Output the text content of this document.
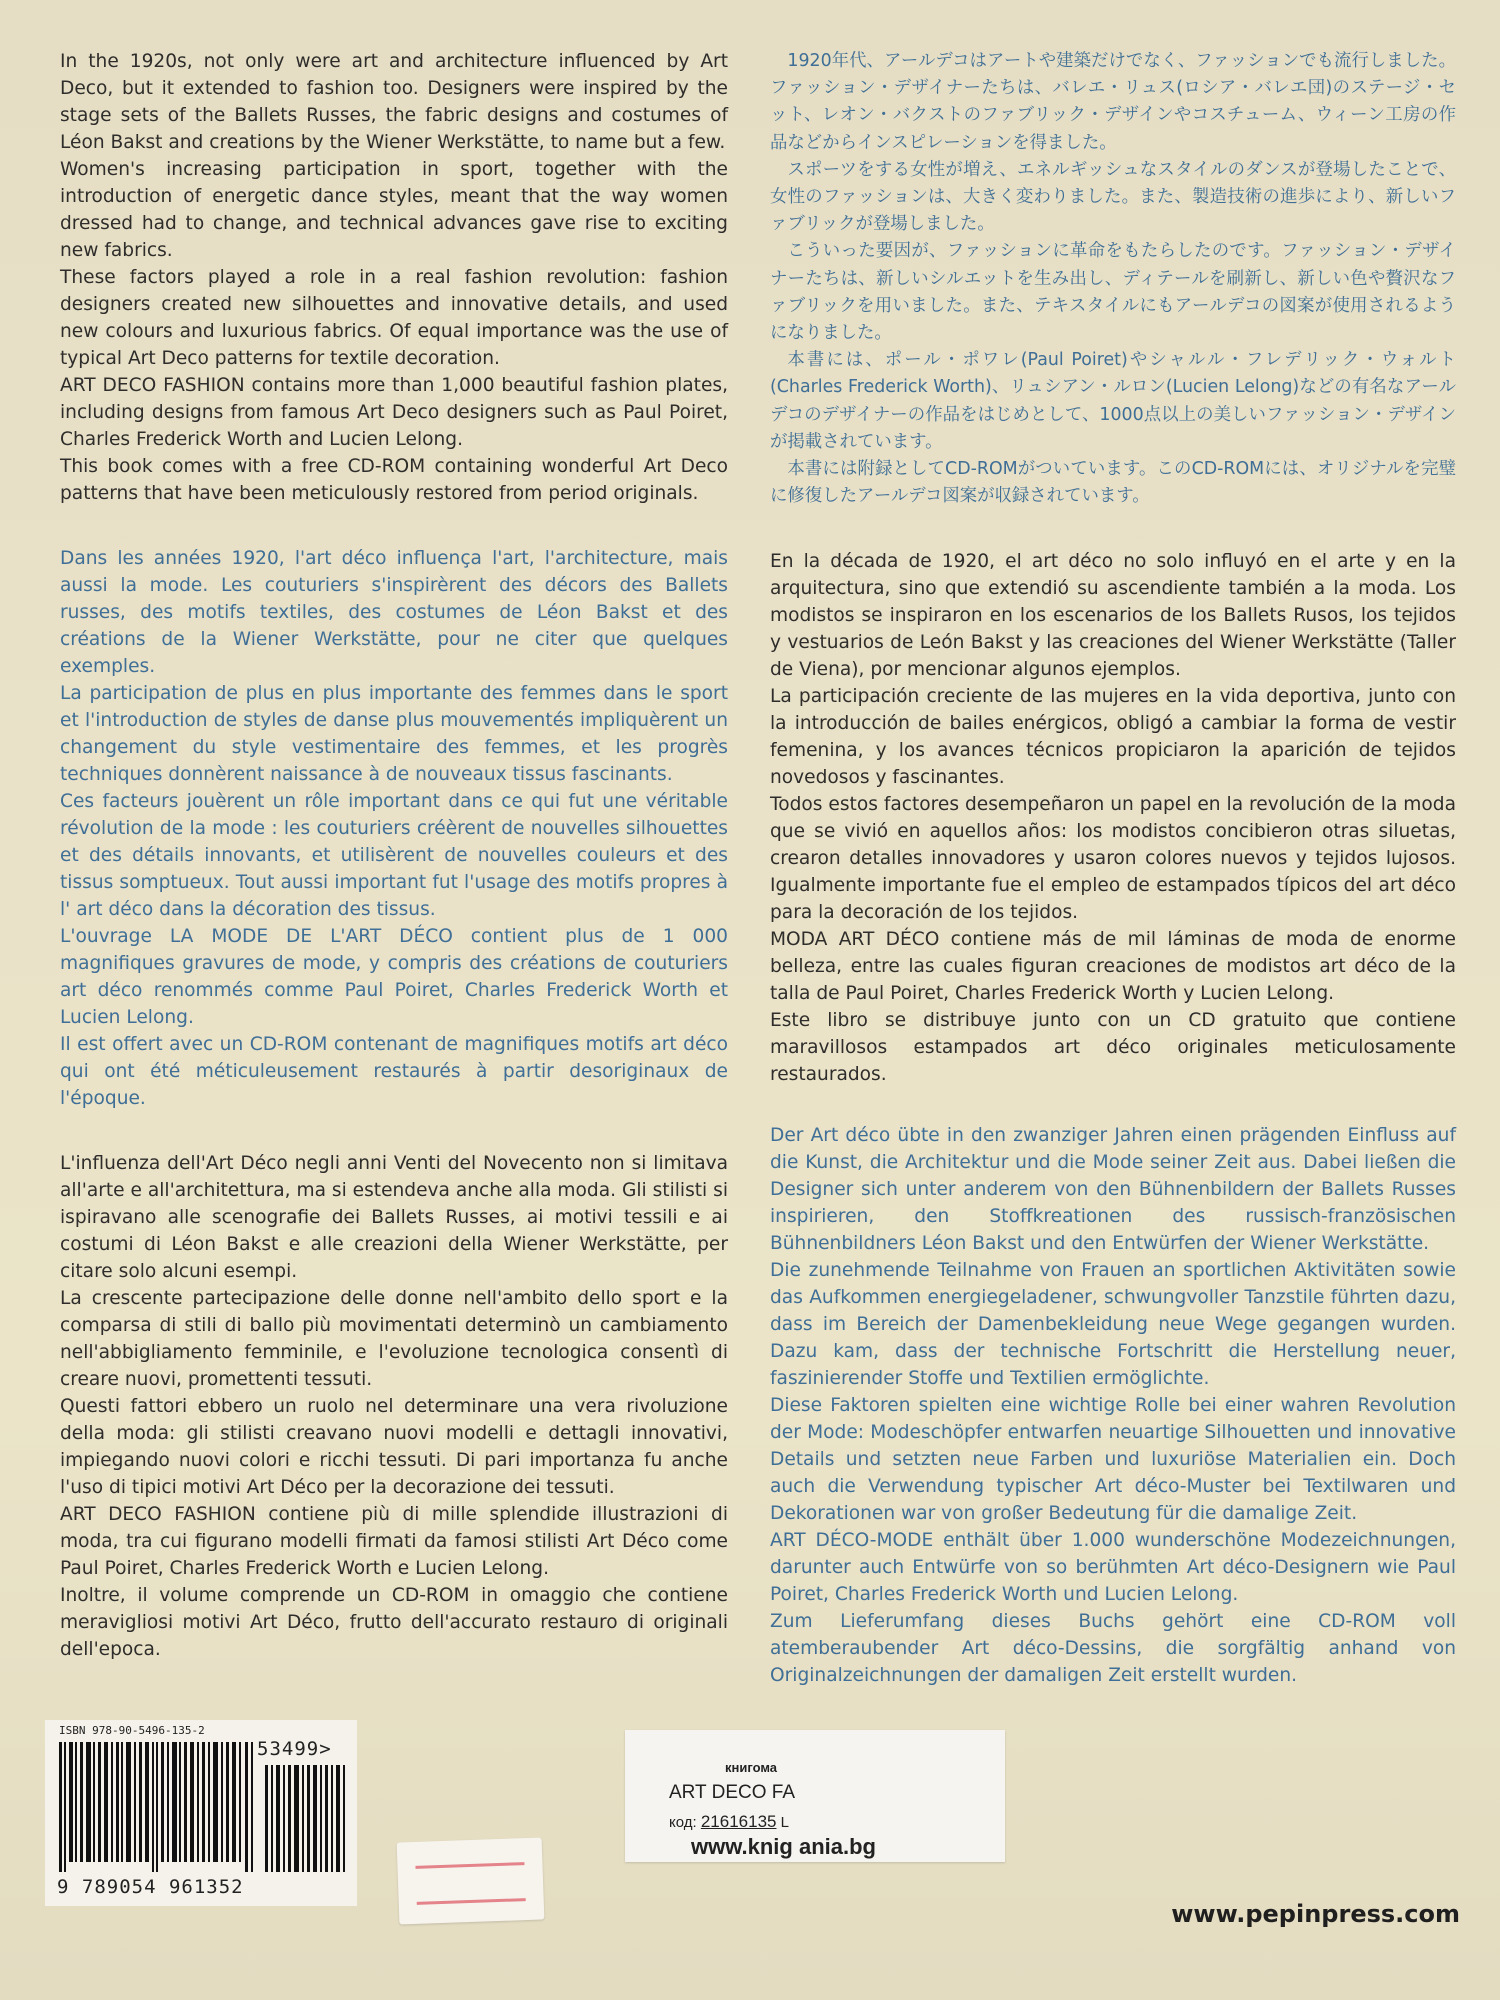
In the 1920s, not only were art and architecture influenced by Art Deco, but it extended to fashion too. Designers were inspired by the stage sets of the Ballets Russes, the fabric designs and costumes of Léon Bakst and creations by the Wiener Werkstätte, to name but a few.

Women's increasing participation in sport, together with the introduction of energetic dance styles, meant that the way women dressed had to change, and technical advances gave rise to exciting new fabrics.

These factors played a role in a real fashion revolution: fashion designers created new silhouettes and innovative details, and used new colours and luxurious fabrics. Of equal importance was the use of typical Art Deco patterns for textile decoration.

ART DECO FASHION contains more than 1,000 beautiful fashion plates, including designs from famous Art Deco designers such as Paul Poiret, Charles Frederick Worth and Lucien Lelong.

This book comes with a free CD-ROM containing wonderful Art Deco patterns that have been meticulously restored from period originals.

Dans les années 1920, l'art déco influença l'art, l'architecture, mais aussi la mode. Les couturiers s'inspirèrent des décors des Ballets russes, des motifs textiles, des costumes de Léon Bakst et des créations de la Wiener Werkstätte, pour ne citer que quelques exemples.

La participation de plus en plus importante des femmes dans le sport et l'introduction de styles de danse plus mouvementés impliquèrent un changement du style vestimentaire des femmes, et les progrès techniques donnèrent naissance à de nouveaux tissus fascinants.

Ces facteurs jouèrent un rôle important dans ce qui fut une véritable révolution de la mode : les couturiers créèrent de nouvelles silhouettes et des détails innovants, et utilisèrent de nouvelles couleurs et des tissus somptueux. Tout aussi important fut l'usage des motifs propres à l' art déco dans la décoration des tissus.

L'ouvrage LA MODE DE L'ART DÉCO contient plus de 1 000 magnifiques gravures de mode, y compris des créations de couturiers art déco renommés comme Paul Poiret, Charles Frederick Worth et Lucien Lelong.

Il est offert avec un CD-ROM contenant de magnifiques motifs art déco qui ont été méticuleusement restaurés à partir desoriginaux de l'époque.

L'influenza dell'Art Déco negli anni Venti del Novecento non si limitava all'arte e all'architettura, ma si estendeva anche alla moda. Gli stilisti si ispiravano alle scenografie dei Ballets Russes, ai motivi tessili e ai costumi di Léon Bakst e alle creazioni della Wiener Werkstätte, per citare solo alcuni esempi.

La crescente partecipazione delle donne nell'ambito dello sport e la comparsa di stili di ballo più movimentati determinò un cambiamento nell'abbigliamento femminile, e l'evoluzione tecnologica consentì di creare nuovi, promettenti tessuti.

Questi fattori ebbero un ruolo nel determinare una vera rivoluzione della moda: gli stilisti creavano nuovi modelli e dettagli innovativi, impiegando nuovi colori e ricchi tessuti. Di pari importanza fu anche l'uso di tipici motivi Art Déco per la decorazione dei tessuti.

ART DECO FASHION contiene più di mille splendide illustrazioni di moda, tra cui figurano modelli firmati da famosi stilisti Art Déco come Paul Poiret, Charles Frederick Worth e Lucien Lelong.

Inoltre, il volume comprende un CD-ROM in omaggio che contiene meravigliosi motivi Art Déco, frutto dell'accurato restauro di originali dell'epoca.

1920年代、アールデコはアートや建築だけでなく、ファッションでも流行しました。ファッション・デザイナーたちは、バレエ・リュス(ロシア・バレエ団)のステージ・セット、レオン・バクストのファブリック・デザインやコスチューム、ウィーン工房の作品などからインスピレーションを得ました。

スポーツをする女性が増え、エネルギッシュなスタイルのダンスが登場したことで、女性のファッションは、大きく変わりました。また、製造技術の進歩により、新しいファブリックが登場しました。

こういった要因が、ファッションに革命をもたらしたのです。ファッション・デザイナーたちは、新しいシルエットを生み出し、ディテールを刷新し、新しい色や贅沢なファブリックを用いました。また、テキスタイルにもアールデコの図案が使用されるようになりました。

本書には、ポール・ポワレ(Paul Poiret)やシャルル・フレデリック・ウォルト(Charles Frederick Worth)、リュシアン・ルロン(Lucien Lelong)などの有名なアールデコのデザイナーの作品をはじめとして、1000点以上の美しいファッション・デザインが掲載されています。

本書には附録としてCD-ROMがついています。このCD-ROMには、オリジナルを完璧に修復したアールデコ図案が収録されています。

En la década de 1920, el art déco no solo influyó en el arte y en la arquitectura, sino que extendió su ascendiente también a la moda. Los modistos se inspiraron en los escenarios de los Ballets Rusos, los tejidos y vestuarios de León Bakst y las creaciones del Wiener Werkstätte (Taller de Viena), por mencionar algunos ejemplos.

La participación creciente de las mujeres en la vida deportiva, junto con la introducción de bailes enérgicos, obligó a cambiar la forma de vestir femenina, y los avances técnicos propiciaron la aparición de tejidos novedosos y fascinantes.

Todos estos factores desempeñaron un papel en la revolución de la moda que se vivió en aquellos años: los modistos concibieron otras siluetas, crearon detalles innovadores y usaron colores nuevos y tejidos lujosos. Igualmente importante fue el empleo de estampados típicos del art déco para la decoración de los tejidos.

MODA ART DÉCO contiene más de mil láminas de moda de enorme belleza, entre las cuales figuran creaciones de modistos art déco de la talla de Paul Poiret, Charles Frederick Worth y Lucien Lelong.

Este libro se distribuye junto con un CD gratuito que contiene maravillosos estampados art déco originales meticulosamente restaurados.

Der Art déco übte in den zwanziger Jahren einen prägenden Einfluss auf die Kunst, die Architektur und die Mode seiner Zeit aus. Dabei ließen die Designer sich unter anderem von den Bühnenbildern der Ballets Russes inspirieren, den Stoffkreationen des russisch-französischen Bühnenbildners Léon Bakst und den Entwürfen der Wiener Werkstätte.

Die zunehmende Teilnahme von Frauen an sportlichen Aktivitäten sowie das Aufkommen energiegeladener, schwungvoller Tanzstile führten dazu, dass im Bereich der Damenbekleidung neue Wege gegangen wurden. Dazu kam, dass der technische Fortschritt die Herstellung neuer, faszinierender Stoffe und Textilien ermöglichte.

Diese Faktoren spielten eine wichtige Rolle bei einer wahren Revolution der Mode: Modeschöpfer entwarfen neuartige Silhouetten und innovative Details und setzten neue Farben und luxuriöse Materialien ein. Doch auch die Verwendung typischer Art déco-Muster bei Textilwaren und Dekorationen war von großer Bedeutung für die damalige Zeit.

ART DÉCO-MODE enthält über 1.000 wunderschöne Modezeichnungen, darunter auch Entwürfe von so berühmten Art déco-Designern wie Paul Poiret, Charles Frederick Worth und Lucien Lelong.

Zum Lieferumfang dieses Buchs gehört eine CD-ROM voll atemberaubender Art déco-Dessins, die sorgfältig anhand von Originalzeichnungen der damaligen Zeit erstellt wurden.

ISBN 978-90-5496-135-2
53499>
9 789054 961352
книгома
ART DECO FA
код: 21616135 L
www.knig ania.bg
www.pepinpress.com
